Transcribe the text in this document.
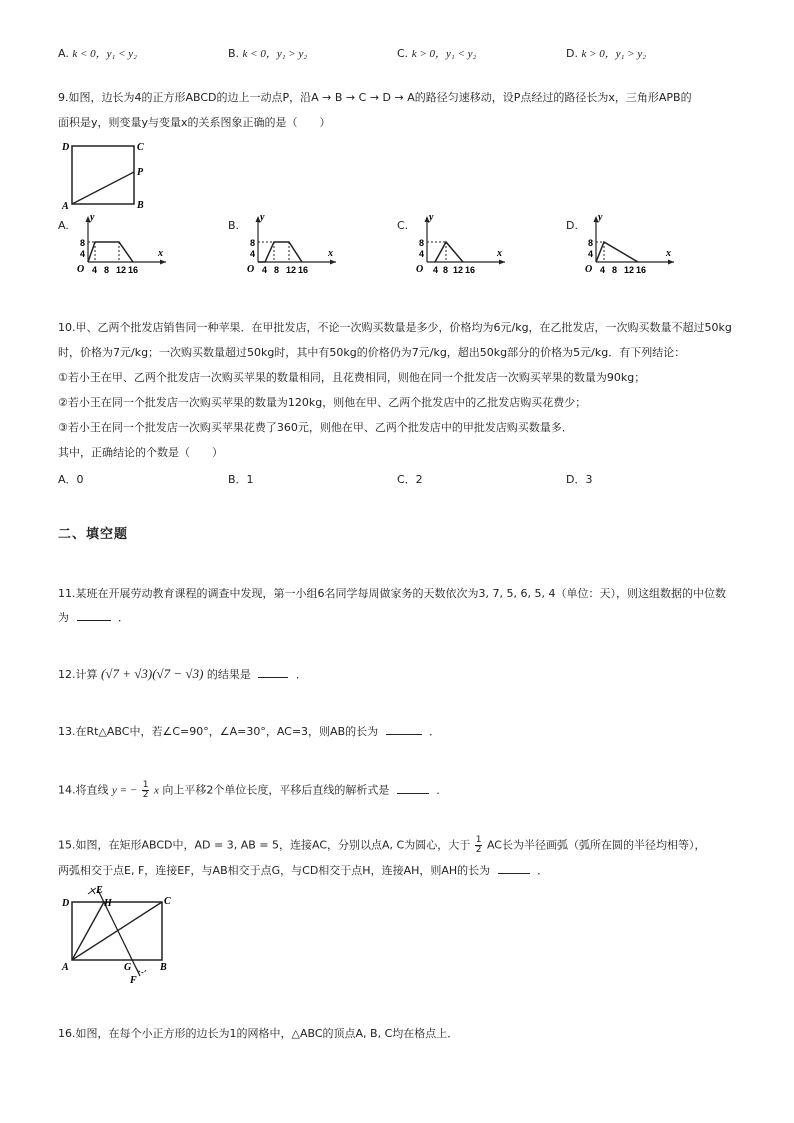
A. k < 0，y₁ < y₂	B. k < 0，y₁ > y₂	C. k > 0，y₁ < y₂	D. k > 0，y₁ > y₂
9.如图，边长为4的正方形ABCD的边上一动点P，沿A → B → C → D → A的路径匀速移动，设P点经过的路径长为x，三角形APB的
面积是y，则变量y与变量x的关系图象正确的是（　　）
D	C
P
A	B
A.	B.	C.	D.
y
x
O
8
4
4 8 12 16
y
x
O
8
4
4 8 12 16
y
x
O
8
4
4 8 12 16
y
x
O
8
4
4 8 12 16
10.甲、乙两个批发店销售同一种苹果．在甲批发店，不论一次购买数量是多少，价格均为6元/kg，在乙批发店，一次购买数量不超过50kg
时，价格为7元/kg；一次购买数量超过50kg时，其中有50kg的价格仍为7元/kg，超出50kg部分的价格为5元/kg．有下列结论：
①若小王在甲、乙两个批发店一次购买苹果的数量相同，且花费相同，则他在同一个批发店一次购买苹果的数量为90kg；
②若小王在同一个批发店一次购买苹果的数量为120kg，则他在甲、乙两个批发店中的乙批发店购买花费少；
③若小王在同一个批发店一次购买苹果花费了360元，则他在甲、乙两个批发店中的甲批发店购买数量多．
其中，正确结论的个数是（　　）
A．0	B．1	C．2	D．3
二、填空题
11.某班在开展劳动教育课程的调查中发现，第一小组6名同学每周做家务的天数依次为3, 7, 5, 6, 5, 4（单位：天），则这组数据的中位数
为	．
12.计算 (√7 + √3)(√7 − √3) 的结果是	．
13.在Rt△ABC中，若∠C=90°，∠A=30°，AC=3，则AB的长为	．
14.将直线 y = − $\frac{1}{2}$ x 向上平移2个单位长度，平移后直线的解析式是	．
15.如图，在矩形ABCD中，AD = 3, AB = 5，连接AC，分别以点A, C为圆心，大于 $\frac{1}{2}$ AC长为半径画弧（弧所在圆的半径均相等），
两弧相交于点E, F，连接EF，与AB相交于点G，与CD相交于点H，连接AH，则AH的长为	．
D
E
H	C
A	G	B
F
16.如图，在每个小正方形的边长为1的网格中，△ABC的顶点A, B, C均在格点上．
